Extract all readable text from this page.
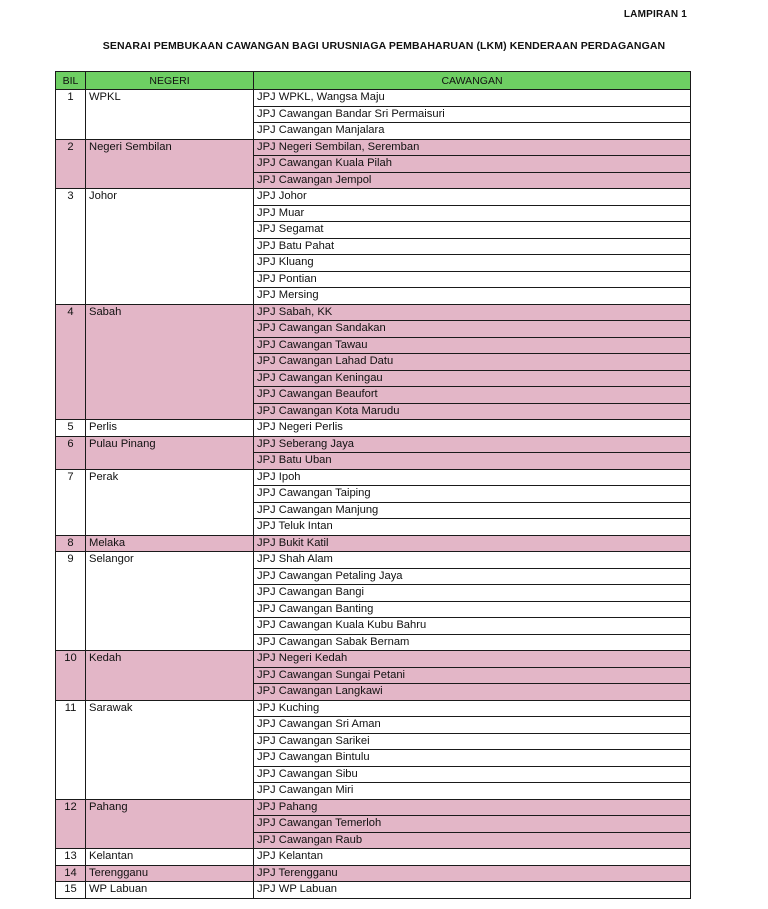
LAMPIRAN 1
SENARAI PEMBUKAAN CAWANGAN BAGI URUSNIAGA PEMBAHARUAN (LKM) KENDERAAN PERDAGANGAN
BIL	NEGERI	CAWANGAN
1	WPKL	JPJ WPKL, Wangsa Maju
		JPJ Cawangan Bandar Sri Permaisuri
		JPJ Cawangan Manjalara
2	Negeri Sembilan	JPJ Negeri Sembilan, Seremban
		JPJ Cawangan Kuala Pilah
		JPJ Cawangan Jempol
3	Johor	JPJ Johor
		JPJ Muar
		JPJ Segamat
		JPJ Batu Pahat
		JPJ Kluang
		JPJ Pontian
		JPJ Mersing
4	Sabah	JPJ Sabah, KK
		JPJ Cawangan Sandakan
		JPJ Cawangan Tawau
		JPJ Cawangan Lahad Datu
		JPJ Cawangan Keningau
		JPJ Cawangan Beaufort
		JPJ Cawangan Kota Marudu
5	Perlis	JPJ Negeri Perlis
6	Pulau Pinang	JPJ Seberang Jaya
		JPJ Batu Uban
7	Perak	JPJ Ipoh
		JPJ Cawangan Taiping
		JPJ Cawangan Manjung
		JPJ Teluk Intan
8	Melaka	JPJ Bukit Katil
9	Selangor	JPJ Shah Alam
		JPJ Cawangan Petaling Jaya
		JPJ Cawangan Bangi
		JPJ Cawangan Banting
		JPJ Cawangan Kuala Kubu Bahru
		JPJ Cawangan Sabak Bernam
10	Kedah	JPJ Negeri Kedah
		JPJ Cawangan Sungai Petani
		JPJ Cawangan Langkawi
11	Sarawak	JPJ Kuching
		JPJ Cawangan Sri Aman
		JPJ Cawangan Sarikei
		JPJ Cawangan Bintulu
		JPJ Cawangan Sibu
		JPJ Cawangan Miri
12	Pahang	JPJ Pahang
		JPJ Cawangan Temerloh
		JPJ Cawangan Raub
13	Kelantan	JPJ Kelantan
14	Terengganu	JPJ Terengganu
15	WP Labuan	JPJ WP Labuan
